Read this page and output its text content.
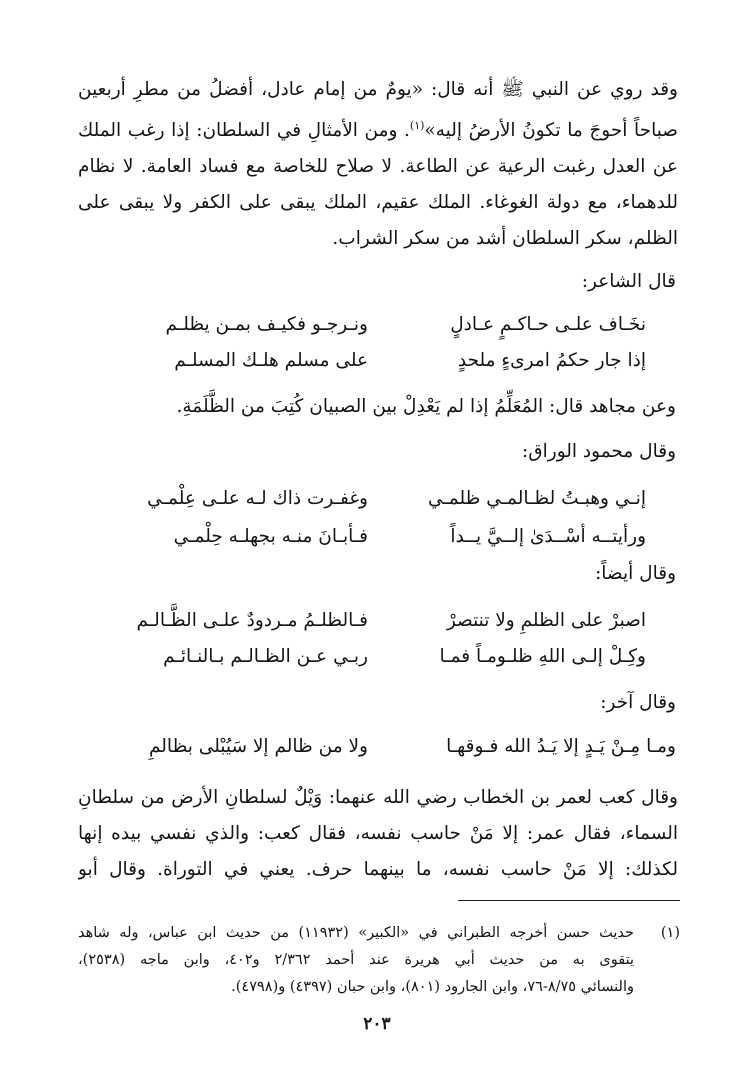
وقد روي عن النبي ﷺ أنه قال: «يومٌ من إمام عادل، أفضلُ من مطرِ أربعين
صباحاً أحوجَ ما تكونُ الأرضُ إليه»$^{(١)}$. ومن الأمثالِ في السلطان: إذا رغب الملك
عن العدل رغبت الرعية عن الطاعة. لا صلاح للخاصة مع فساد العامة. لا نظام
للدهماء، مع دولة الغوغاء. الملك عقيم، الملك يبقى على الكفر ولا يبقى على
الظلم، سكر السلطان أشد من سكر الشراب.

قال الشاعر:
نخَـاف علـى حـاكـمٍ عـادلٍ
ونـرجـو فكيـف بمـن يظلـم
إذا جار حكمُ امرىءٍ ملحدٍ
على مسلم هلـك المسلـم
وعن مجاهد قال: المُعَلِّمُ إذا لم يَعْدِلْ بين الصبيان كُتِبَ من الظَّلَمَةِ.
وقال محمود الوراق:
إنـي وهبـتُ لظـالمـي ظلمـي
وغفـرت ذاك لـه علـى عِلْمـي
ورأيتــه أسْــدَىٰ إلــيَّ يــداً
فـأبـانَ منـه بجهلـه حِلْمـي
وقال أيضاً:
اصبرْ على الظلمِ ولا تنتصرْ
فـالظلـمُ مـردودٌ علـى الظَّـالـم
وكِـلْ إلـى اللهِ ظلـومـاً فمـا
ربـي عـن الظـالـم بـالنـائـم
وقال آخر:
ومـا مِـنْ يَـدٍ إلا يَـدُ الله فـوقهـا
ولا من ظالم إلا سَيُبْلى بظالمِ

وقال كعب لعمر بن الخطاب رضي الله عنهما: وَيْلٌ لسلطانِ الأرض من سلطانِ
السماء، فقال عمر: إلا مَنْ حاسب نفسه، فقال كعب: والذي نفسي بيده إنها
لكذلك: إلا مَنْ حاسب نفسه، ما بينهما حرف. يعني في التوراة. وقال أبو

(١)
حديث حسن أخرجه الطبراني في «الكبير» (١١٩٣٢) من حديث ابن عباس، وله شاهد
يتقوى به من حديث أبي هريرة عند أحمد ٢/٣٦٢ و٤٠٢، وابن ماجه (٢٥٣٨)،
والنسائي ٨/٧٥-٧٦، وابن الجارود (٨٠١)، وابن حبان (٤٣٩٧) و(٤٧٩٨).
٢٠٣
